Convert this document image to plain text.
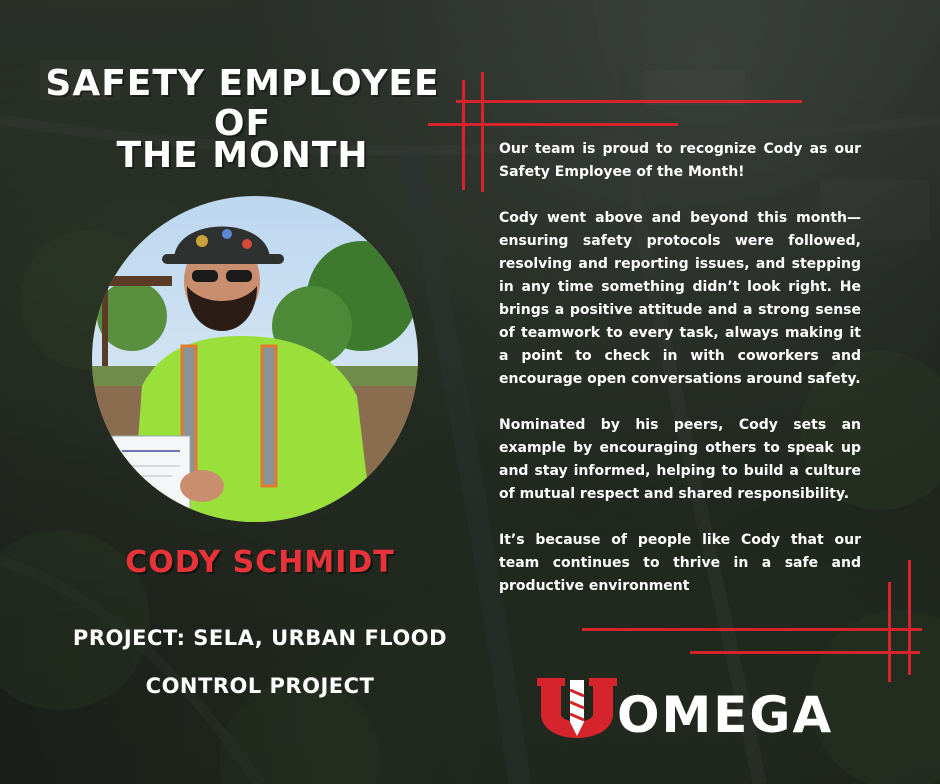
SAFETY EMPLOYEE OF
THE MONTH
CODY SCHMIDT
PROJECT: SELA, URBAN FLOOD
CONTROL PROJECT

Our team is proud to recognize Cody as our Safety Employee of the Month!

Cody went above and beyond this month—ensuring safety protocols were followed, resolving and reporting issues, and stepping in any time something didn’t look right. He brings a positive attitude and a strong sense of teamwork to every task, always making it a point to check in with coworkers and encourage open conversations around safety.

Nominated by his peers, Cody sets an example by encouraging others to speak up and stay informed, helping to build a culture of mutual respect and shared responsibility.

It’s because of people like Cody that our team continues to thrive in a safe and productive environment

OMEGA
